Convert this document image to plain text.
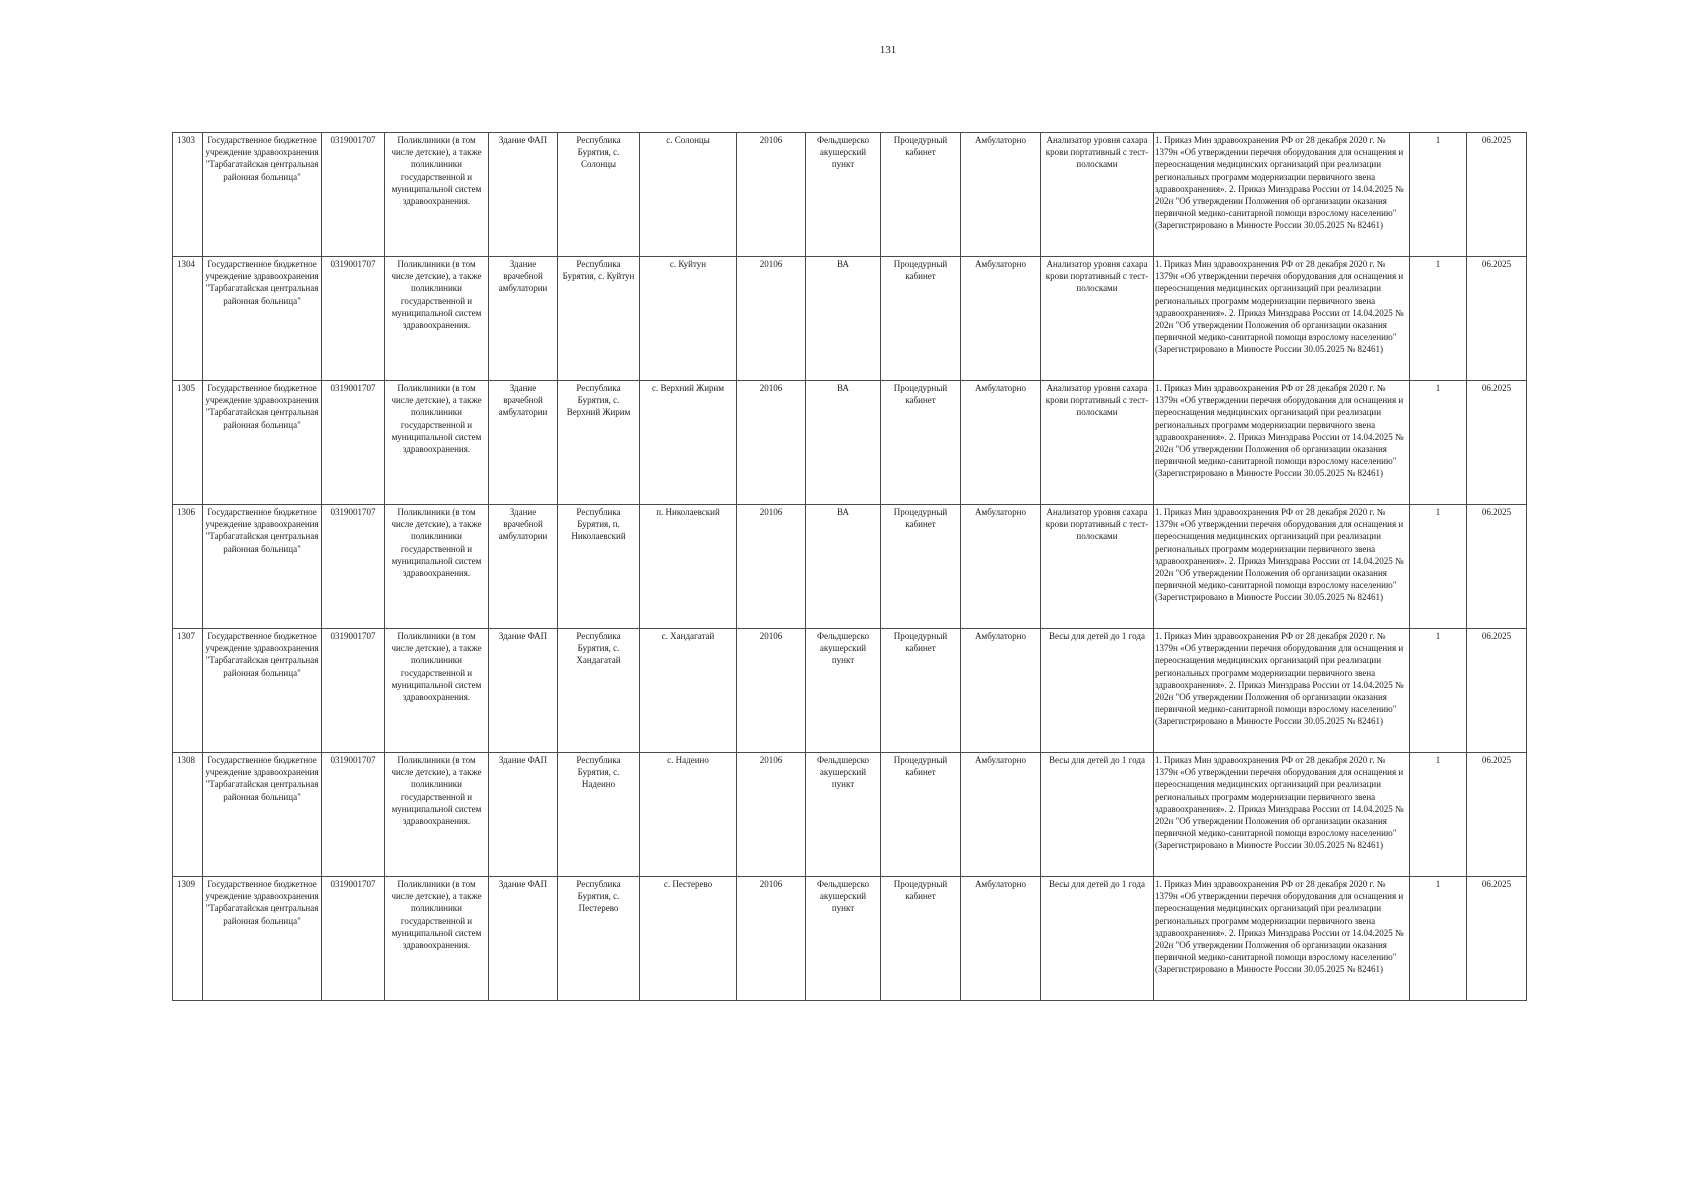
131
1303	Государственное бюджетное учреждение здравоохранения "Тарбагатайская центральная районная больница"	0319001707	Поликлиники (в том числе детские), а также поликлиники государственной и муниципальной систем здравоохранения.	Здание ФАП	Республика Бурятия, с. Солонцы	с. Солонцы	20106	Фельдшерско акушерский пункт	Процедурный кабинет	Амбулаторно	Анализатор уровня сахара крови портативный с тест-полосками	1. Приказ Мин здравоохранения РФ от 28 декабря 2020 г. № 1379н «Об утверждении перечня оборудования для оснащения и переоснащения медицинских организаций при реализации региональных программ модернизации первичного звена здравоохранения». 2. Приказ Минздрава России от 14.04.2025 № 202н "Об утверждении Положения об организации оказания первичной медико-санитарной помощи взрослому населению" (Зарегистрировано в Минюсте России 30.05.2025 № 82461)	1	06.2025
1304	Государственное бюджетное учреждение здравоохранения "Тарбагатайская центральная районная больница"	0319001707	Поликлиники (в том числе детские), а также поликлиники государственной и муниципальной систем здравоохранения.	Здание врачебной амбулатории	Республика Бурятия, с. Куйтун	с. Куйтун	20106	ВА	Процедурный кабинет	Амбулаторно	Анализатор уровня сахара крови портативный с тест-полосками	1. Приказ Мин здравоохранения РФ от 28 декабря 2020 г. № 1379н «Об утверждении перечня оборудования для оснащения и переоснащения медицинских организаций при реализации региональных программ модернизации первичного звена здравоохранения». 2. Приказ Минздрава России от 14.04.2025 № 202н "Об утверждении Положения об организации оказания первичной медико-санитарной помощи взрослому населению" (Зарегистрировано в Минюсте России 30.05.2025 № 82461)	1	06.2025
1305	Государственное бюджетное учреждение здравоохранения "Тарбагатайская центральная районная больница"	0319001707	Поликлиники (в том числе детские), а также поликлиники государственной и муниципальной систем здравоохранения.	Здание врачебной амбулатории	Республика Бурятия, с. Верхний Жирим	с. Верхний Жирим	20106	ВА	Процедурный кабинет	Амбулаторно	Анализатор уровня сахара крови портативный с тест-полосками	1. Приказ Мин здравоохранения РФ от 28 декабря 2020 г. № 1379н «Об утверждении перечня оборудования для оснащения и переоснащения медицинских организаций при реализации региональных программ модернизации первичного звена здравоохранения». 2. Приказ Минздрава России от 14.04.2025 № 202н "Об утверждении Положения об организации оказания первичной медико-санитарной помощи взрослому населению" (Зарегистрировано в Минюсте России 30.05.2025 № 82461)	1	06.2025
1306	Государственное бюджетное учреждение здравоохранения "Тарбагатайская центральная районная больница"	0319001707	Поликлиники (в том числе детские), а также поликлиники государственной и муниципальной систем здравоохранения.	Здание врачебной амбулатории	Республика Бурятия, п. Николаевский	п. Николаевский	20106	ВА	Процедурный кабинет	Амбулаторно	Анализатор уровня сахара крови портативный с тест-полосками	1. Приказ Мин здравоохранения РФ от 28 декабря 2020 г. № 1379н «Об утверждении перечня оборудования для оснащения и переоснащения медицинских организаций при реализации региональных программ модернизации первичного звена здравоохранения». 2. Приказ Минздрава России от 14.04.2025 № 202н "Об утверждении Положения об организации оказания первичной медико-санитарной помощи взрослому населению" (Зарегистрировано в Минюсте России 30.05.2025 № 82461)	1	06.2025
1307	Государственное бюджетное учреждение здравоохранения "Тарбагатайская центральная районная больница"	0319001707	Поликлиники (в том числе детские), а также поликлиники государственной и муниципальной систем здравоохранения.	Здание ФАП	Республика Бурятия, с. Хандагатай	с. Хандагатай	20106	Фельдшерско акушерский пункт	Процедурный кабинет	Амбулаторно	Весы для детей до 1 года	1. Приказ Мин здравоохранения РФ от 28 декабря 2020 г. № 1379н «Об утверждении перечня оборудования для оснащения и переоснащения медицинских организаций при реализации региональных программ модернизации первичного звена здравоохранения». 2. Приказ Минздрава России от 14.04.2025 № 202н "Об утверждении Положения об организации оказания первичной медико-санитарной помощи взрослому населению" (Зарегистрировано в Минюсте России 30.05.2025 № 82461)	1	06.2025
1308	Государственное бюджетное учреждение здравоохранения "Тарбагатайская центральная районная больница"	0319001707	Поликлиники (в том числе детские), а также поликлиники государственной и муниципальной систем здравоохранения.	Здание ФАП	Республика Бурятия, с. Надеино	с. Надеино	20106	Фельдшерско акушерский пункт	Процедурный кабинет	Амбулаторно	Весы для детей до 1 года	1. Приказ Мин здравоохранения РФ от 28 декабря 2020 г. № 1379н «Об утверждении перечня оборудования для оснащения и переоснащения медицинских организаций при реализации региональных программ модернизации первичного звена здравоохранения». 2. Приказ Минздрава России от 14.04.2025 № 202н "Об утверждении Положения об организации оказания первичной медико-санитарной помощи взрослому населению" (Зарегистрировано в Минюсте России 30.05.2025 № 82461)	1	06.2025
1309	Государственное бюджетное учреждение здравоохранения "Тарбагатайская центральная районная больница"	0319001707	Поликлиники (в том числе детские), а также поликлиники государственной и муниципальной систем здравоохранения.	Здание ФАП	Республика Бурятия, с. Пестерево	с. Пестерево	20106	Фельдшерско акушерский пункт	Процедурный кабинет	Амбулаторно	Весы для детей до 1 года	1. Приказ Мин здравоохранения РФ от 28 декабря 2020 г. № 1379н «Об утверждении перечня оборудования для оснащения и переоснащения медицинских организаций при реализации региональных программ модернизации первичного звена здравоохранения». 2. Приказ Минздрава России от 14.04.2025 № 202н "Об утверждении Положения об организации оказания первичной медико-санитарной помощи взрослому населению" (Зарегистрировано в Минюсте России 30.05.2025 № 82461)	1	06.2025
